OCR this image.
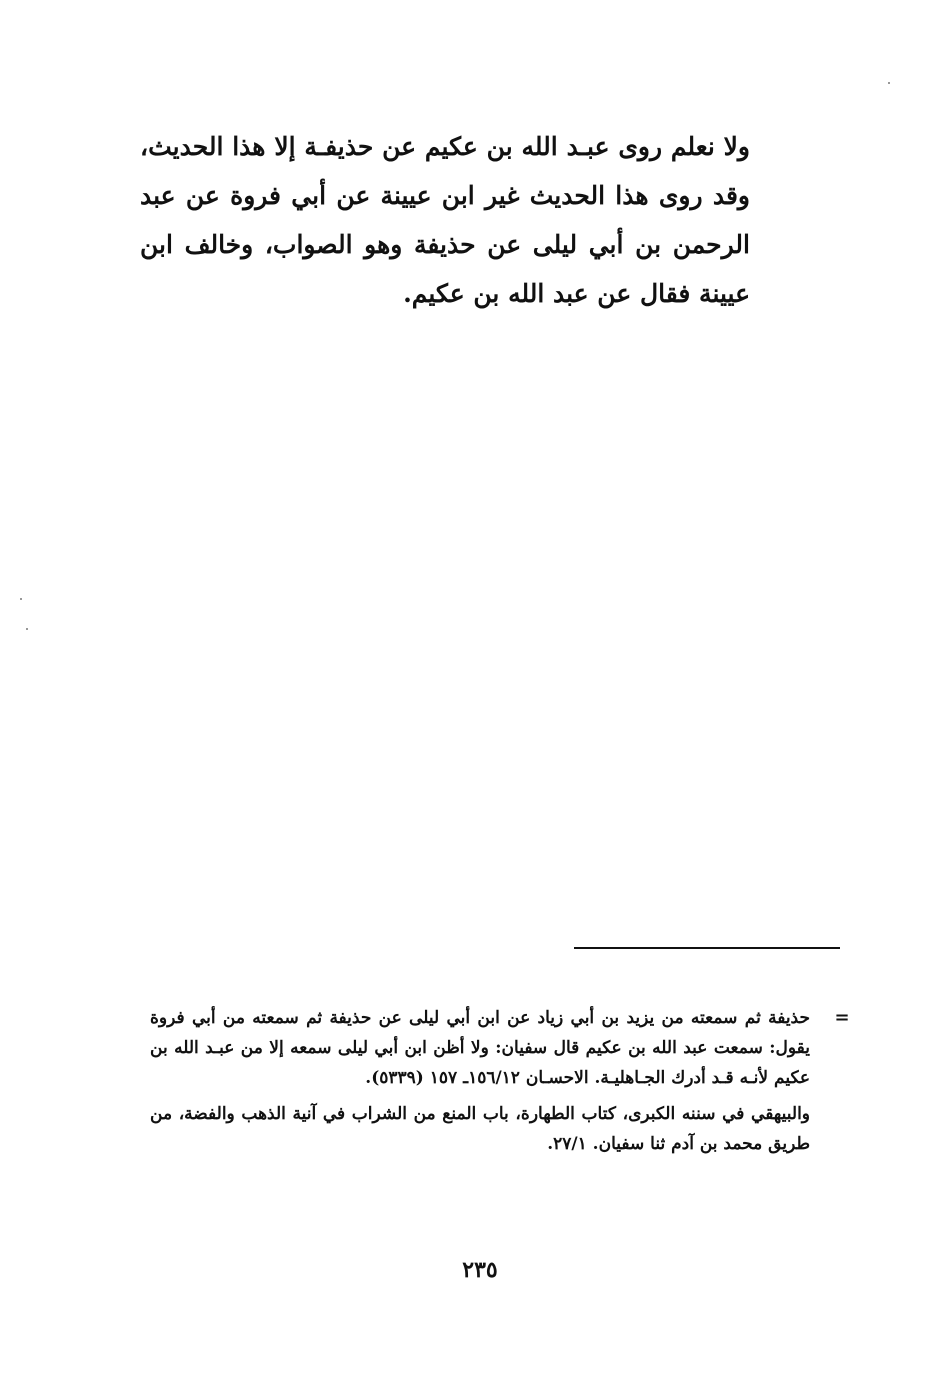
ولا نعلم روى عبـد الله بن عكيم عن حذيفـة إلا هذا الحديث، وقد روى هذا الحديث غير ابن عيينة عن أبي فروة عن عبد الرحمن بن أبي ليلى عن حذيفة وهو الصواب، وخالف ابن عيينة فقال عن عبد الله بن عكيم.

=

حذيفة ثم سمعته من يزيد بن أبي زياد عن ابن أبي ليلى عن حذيفة ثم سمعته من أبي فروة يقول: سمعت عبد الله بن عكيم قال سفيان: ولا أظن ابن أبي ليلى سمعه إلا من عبـد الله بن عكيم لأنـه قـد أدرك الجـاهليـة. الاحسـان ١٥٦/١٢ـ ١٥٧ (٥٣٣٩).

والبيهقي في سننه الكبرى، كتاب الطهارة، باب المنع من الشراب في آنية الذهب والفضة، من طريق محمد بن آدم ثنا سفيان. ٢٧/١.

٢٣٥
